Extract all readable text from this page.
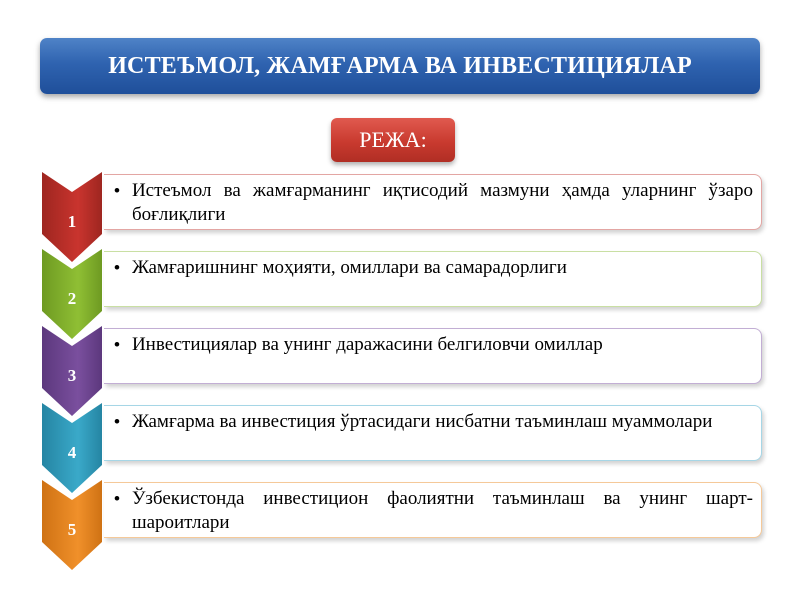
ИСТЕЪМОЛ, ЖАМҒАРМА ВА ИНВЕСТИЦИЯЛАР
РЕЖА:
• Истеъмол ва жамғарманинг иқтисодий мазмуни ҳамда уларнинг ўзаро боғлиқлиги
1
• Жамғаришнинг моҳияти, омиллари ва самарадорлиги
2
• Инвестициялар ва унинг даражасини белгиловчи омиллар
3
• Жамғарма ва инвестиция ўртасидаги нисбатни таъминлаш муаммолари
4
• Ўзбекистонда инвестицион фаолиятни таъминлаш ва унинг шарт-шароитлари
5
